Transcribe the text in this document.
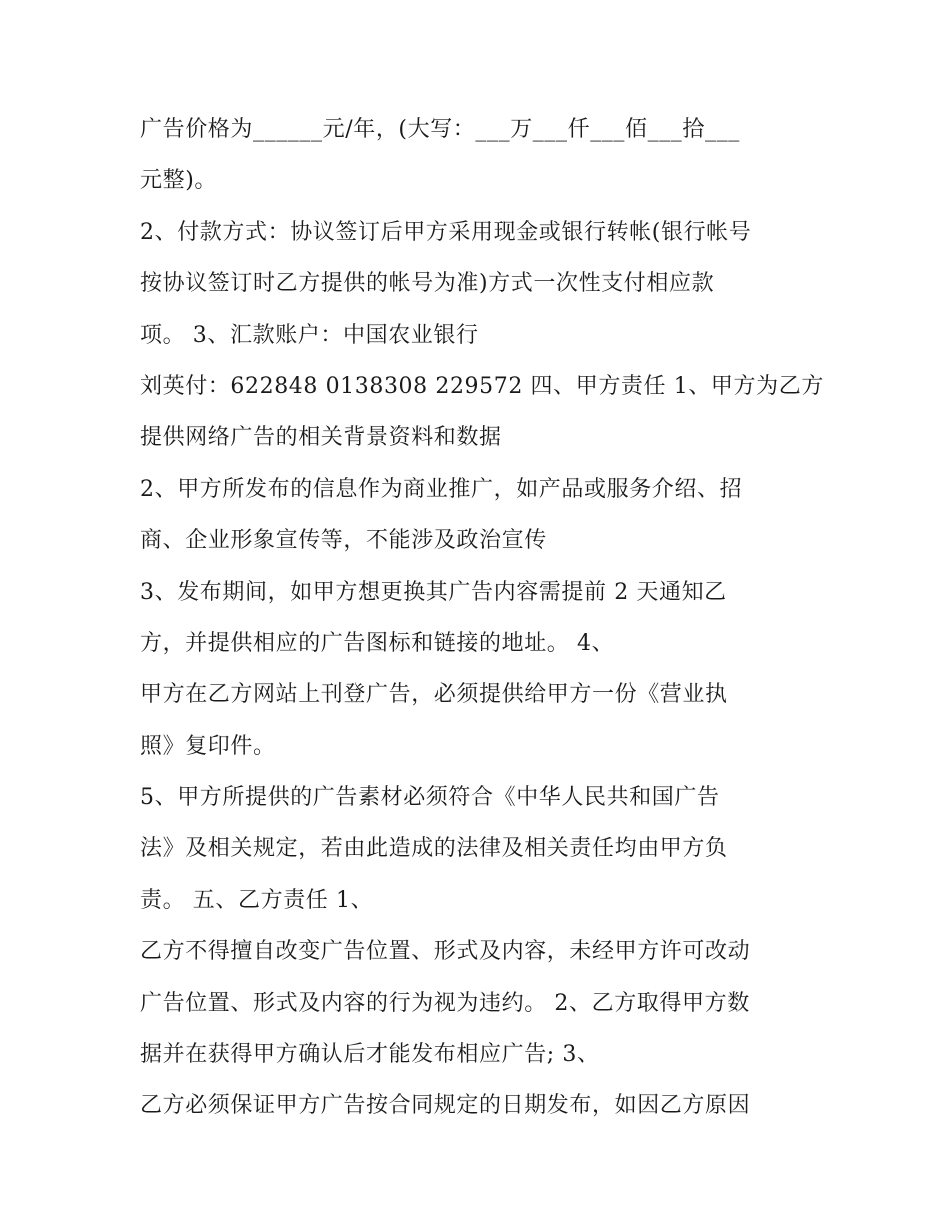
广告价格为______元/年，(大写：___万___仟___佰___拾___
元整)。
2、付款方式：协议签订后甲方采用现金或银行转帐(银行帐号
按协议签订时乙方提供的帐号为准)方式一次性支付相应款
项。 3、汇款账户：中国农业银行
刘英付：622848 0138308 229572 四、甲方责任 1、甲方为乙方
提供网络广告的相关背景资料和数据
2、甲方所发布的信息作为商业推广，如产品或服务介绍、招
商、企业形象宣传等，不能涉及政治宣传
3、发布期间，如甲方想更换其广告内容需提前 2 天通知乙
方，并提供相应的广告图标和链接的地址。 4、
甲方在乙方网站上刊登广告，必须提供给甲方一份《营业执
照》复印件。
5、甲方所提供的广告素材必须符合《中华人民共和国广告
法》及相关规定，若由此造成的法律及相关责任均由甲方负
责。 五、乙方责任 1、
乙方不得擅自改变广告位置、形式及内容，未经甲方许可改动
广告位置、形式及内容的行为视为违约。 2、乙方取得甲方数
据并在获得甲方确认后才能发布相应广告; 3、
乙方必须保证甲方广告按合同规定的日期发布，如因乙方原因
